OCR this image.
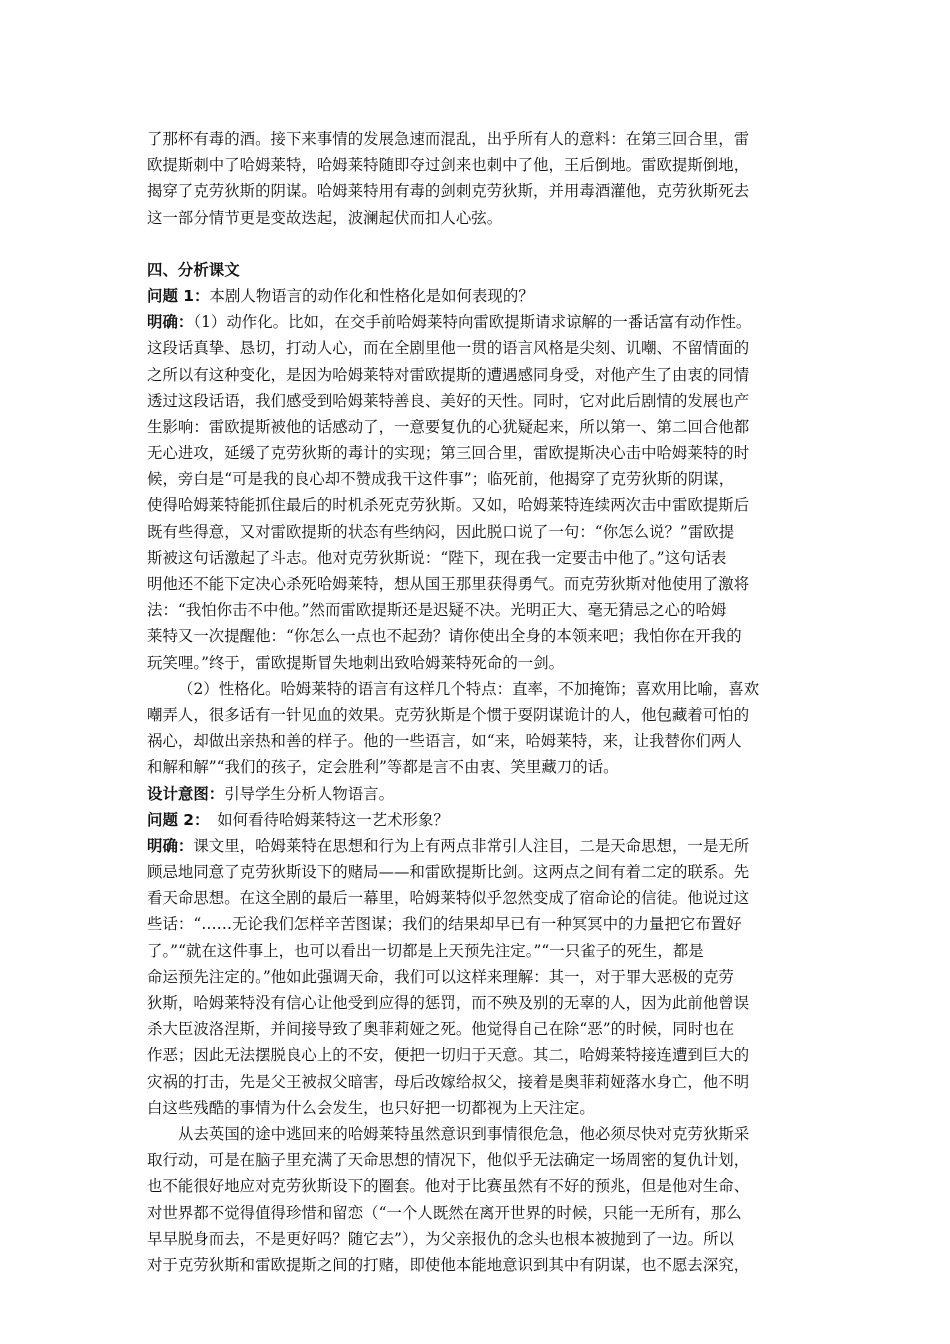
了那杯有毒的酒。接下来事情的发展急速而混乱，出乎所有人的意料：在第三回合里，雷
欧提斯刺中了哈姆莱特，哈姆莱特随即夺过剑来也刺中了他，王后倒地。雷欧提斯倒地，
揭穿了克劳狄斯的阴谋。哈姆莱特用有毒的剑刺克劳狄斯，并用毒酒灌他，克劳狄斯死去
这一部分情节更是变故迭起，波澜起伏而扣人心弦。
四、分析课文
问题 1：本剧人物语言的动作化和性格化是如何表现的？
明确：（1）动作化。比如，在交手前哈姆莱特向雷欧提斯请求谅解的一番话富有动作性。
这段话真挚、恳切，打动人心，而在全剧里他一贯的语言风格是尖刻、讥嘲、不留情面的
之所以有这种变化，是因为哈姆莱特对雷欧提斯的遭遇感同身受，对他产生了由衷的同情
透过这段话语，我们感受到哈姆莱特善良、美好的天性。同时，它对此后剧情的发展也产
生影响：雷欧提斯被他的话感动了，一意要复仇的心犹疑起来，所以第一、第二回合他都
无心进攻，延缓了克劳狄斯的毒计的实现；第三回合里，雷欧提斯决心击中哈姆莱特的时
候，旁白是“可是我的良心却不赞成我干这件事”；临死前，他揭穿了克劳狄斯的阴谋，
使得哈姆莱特能抓住最后的时机杀死克劳狄斯。又如，哈姆莱特连续两次击中雷欧提斯后
既有些得意，又对雷欧提斯的状态有些纳闷，因此脱口说了一句：“你怎么说？”雷欧提
斯被这句话激起了斗志。他对克劳狄斯说：“陛下，现在我一定要击中他了。”这句话表
明他还不能下定决心杀死哈姆莱特，想从国王那里获得勇气。而克劳狄斯对他使用了激将
法：“我怕你击不中他。”然而雷欧提斯还是迟疑不决。光明正大、毫无猜忌之心的哈姆
莱特又一次提醒他：“你怎么一点也不起劲？请你使出全身的本领来吧；我怕你在开我的
玩笑哩。”终于，雷欧提斯冒失地刺出致哈姆莱特死命的一剑。
（2）性格化。哈姆莱特的语言有这样几个特点：直率，不加掩饰；喜欢用比喻，喜欢
嘲弄人，很多话有一针见血的效果。克劳狄斯是个惯于耍阴谋诡计的人，他包藏着可怕的
祸心，却做出亲热和善的样子。他的一些语言，如“来，哈姆莱特，来，让我替你们两人
和解和解”“我们的孩子，定会胜利”等都是言不由衷、笑里藏刀的话。
设计意图：引导学生分析人物语言。
问题 2：　如何看待哈姆莱特这一艺术形象？
明确：课文里，哈姆莱特在思想和行为上有两点非常引人注目，二是天命思想，一是无所
顾忌地同意了克劳狄斯设下的赌局——和雷欧提斯比剑。这两点之间有着二定的联系。先
看天命思想。在这全剧的最后一幕里，哈姆莱特似乎忽然变成了宿命论的信徒。他说过这
些话：“……无论我们怎样辛苦图谋；我们的结果却早已有一种冥冥中的力量把它布置好
了。”“就在这件事上，也可以看出一切都是上天预先注定。”“一只雀子的死生，都是
命运预先注定的。”他如此强调天命，我们可以这样来理解：其一，对于罪大恶极的克劳
狄斯，哈姆莱特没有信心让他受到应得的惩罚，而不殃及别的无辜的人，因为此前他曾误
杀大臣波洛涅斯，并间接导致了奥菲莉娅之死。他觉得自己在除“恶”的时候，同时也在
作恶；因此无法摆脱良心上的不安，便把一切归于天意。其二，哈姆莱特接连遭到巨大的
灾祸的打击，先是父王被叔父暗害，母后改嫁给叔父，接着是奥菲莉娅落水身亡，他不明
白这些残酷的事情为什么会发生，也只好把一切都视为上天注定。
从去英国的途中逃回来的哈姆莱特虽然意识到事情很危急，他必须尽快对克劳狄斯采
取行动，可是在脑子里充满了天命思想的情况下，他似乎无法确定一场周密的复仇计划，
也不能很好地应对克劳狄斯设下的圈套。他对于比赛虽然有不好的预兆，但是他对生命、
对世界都不觉得值得珍惜和留恋（“一个人既然在离开世界的时候，只能一无所有，那么
早早脱身而去，不是更好吗？随它去”），为父亲报仇的念头也根本被抛到了一边。所以
对于克劳狄斯和雷欧提斯之间的打赌，即使他本能地意识到其中有阴谋，也不愿去深究，
